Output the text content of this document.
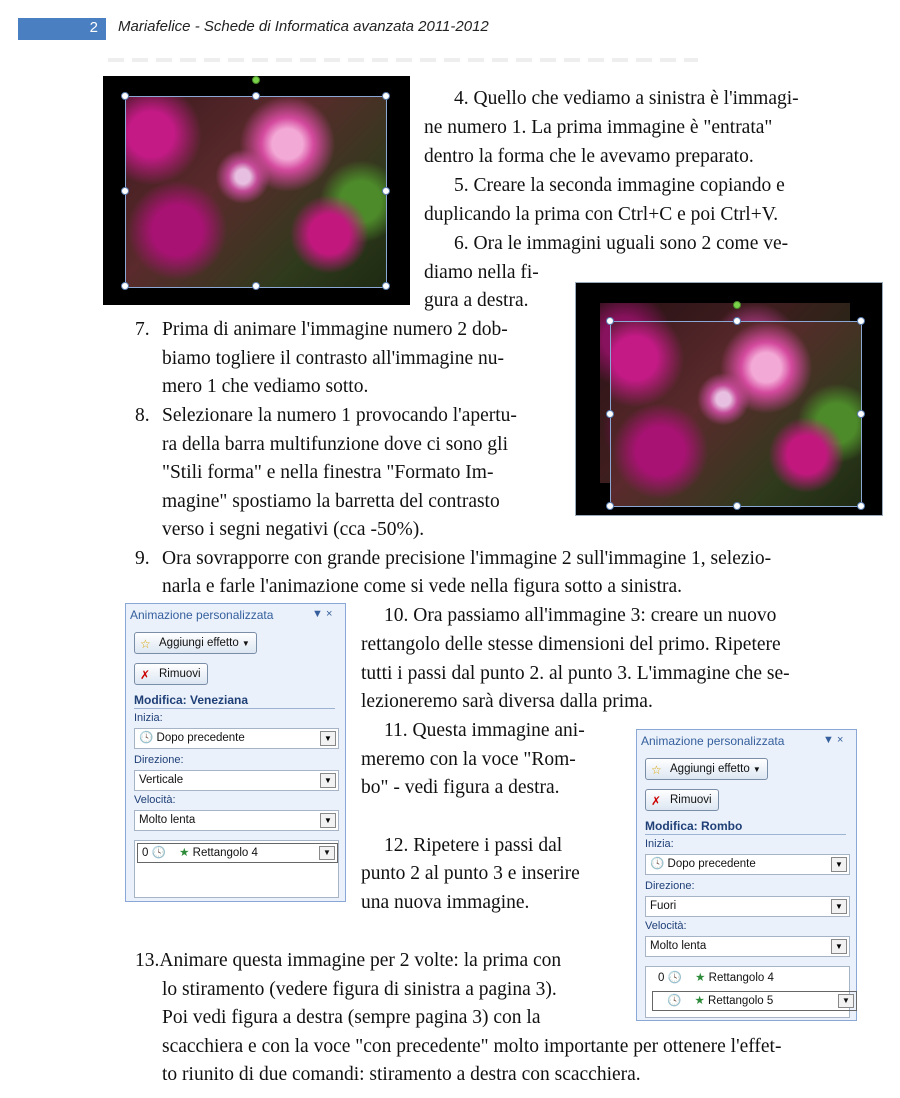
2 Mariafelice - Schede di Informatica avanzata 2011-2012
4. Quello che vediamo a sinistra è l'immagi-
ne numero 1. La prima immagine è "entrata"
dentro la forma che le avevamo preparato.
5. Creare la seconda immagine copiando e
duplicando la prima con Ctrl+C e poi Ctrl+V.
6. Ora le immagini uguali sono 2 come ve-
diamo nella fi-
gura a destra.
7. Prima di animare l'immagine numero 2 dob-
biamo togliere il contrasto all'immagine nu-
mero 1 che vediamo sotto.
8. Selezionare la numero 1 provocando l'apertu-
ra della barra multifunzione dove ci sono gli
"Stili forma" e nella finestra "Formato Im-
magine" spostiamo la barretta del contrasto
verso i segni negativi (cca -50%).
9. Ora sovrapporre con grande precisione l'immagine 2 sull'immagine 1, selezio-
narla e farle l'animazione come si vede nella figura sotto a sinistra.
10. Ora passiamo all'immagine 3: creare un nuovo
rettangolo delle stesse dimensioni del primo. Ripetere
tutti i passi dal punto 2. al punto 3. L'immagine che se-
lezioneremo sarà diversa dalla prima.
11. Questa immagine ani-
meremo con la voce "Rom-
bo" - vedi figura a destra.
12. Ripetere i passi dal
punto 2 al punto 3 e inserire
una nuova immagine.
13.Animare questa immagine per 2 volte: la prima con
lo stiramento (vedere figura di sinistra a pagina 3).
Poi vedi figura a destra (sempre pagina 3) con la
scacchiera e con la voce "con precedente" molto importante per ottenere l'effet-
to riunito di due comandi: stiramento a destra con scacchiera.
Animazione personalizzata	▼ ×
☆ Aggiungi effetto ▼
✗ Rimuovi
Modifica: Veneziana
Inizia:
🕓 Dopo precedente	▼
Direzione:
Verticale	▼
Velocità:
Molto lenta	▼
0 🕓 ★ Rettangolo 4	▼
Animazione personalizzata	▼ ×
☆ Aggiungi effetto ▼
✗ Rimuovi
Modifica: Rombo
Inizia:
🕓 Dopo precedente	▼
Direzione:
Fuori	▼
Velocità:
Molto lenta	▼
0 🕓 ★ Rettangolo 4
🕓 ★ Rettangolo 5	▼
